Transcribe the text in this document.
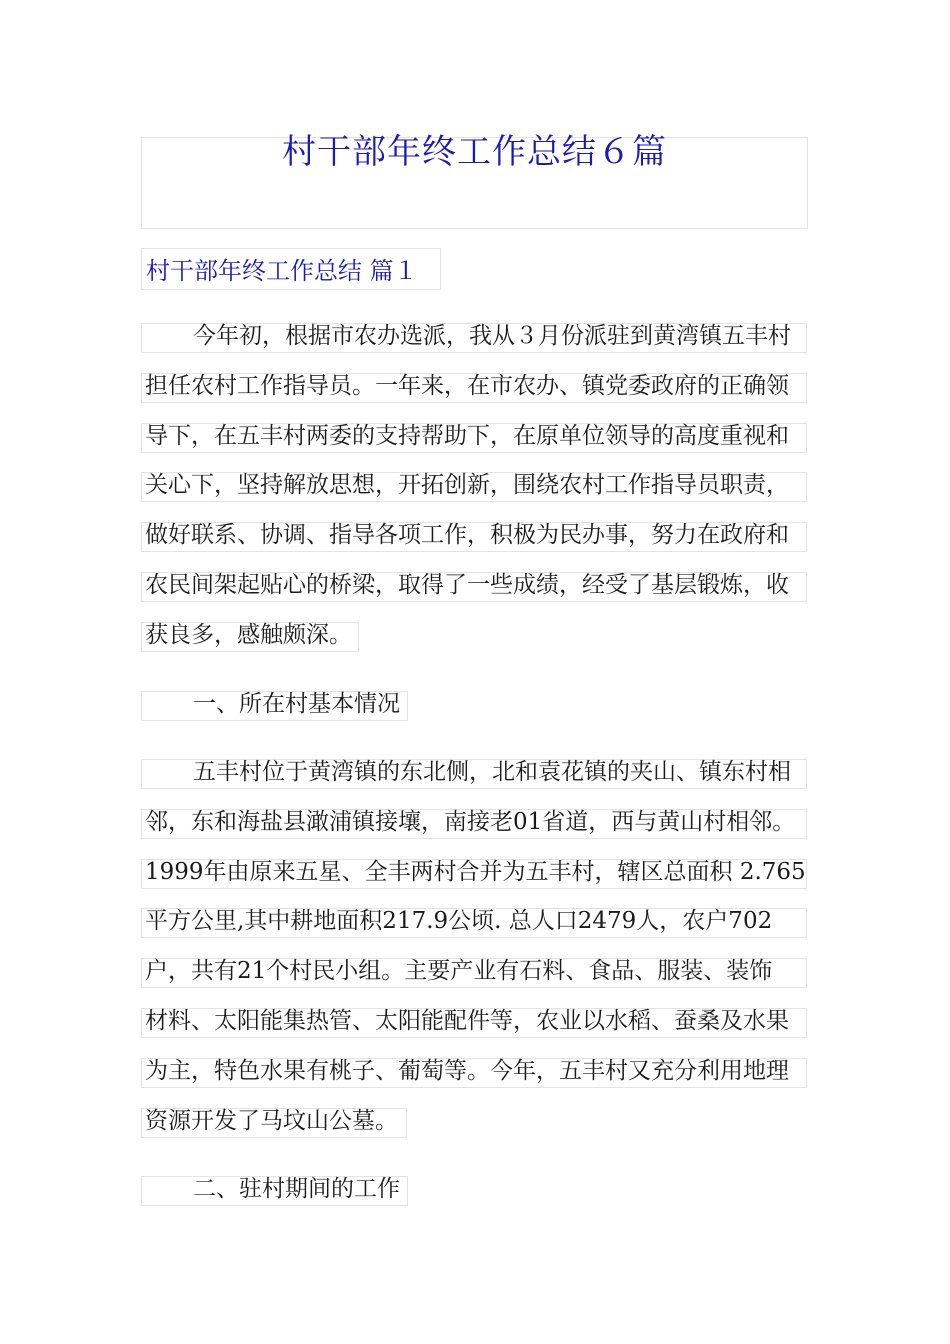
村干部年终工作总结６篇
村干部年终工作总结 篇１
今年初，根据市农办选派，我从３月份派驻到黄湾镇五丰村
担任农村工作指导员。一年来，在市农办、镇党委政府的正确领
导下，在五丰村两委的支持帮助下，在原单位领导的高度重视和
关心下，坚持解放思想，开拓创新，围绕农村工作指导员职责，
做好联系、协调、指导各项工作，积极为民办事，努力在政府和
农民间架起贴心的桥梁，取得了一些成绩，经受了基层锻炼，收
获良多，感触颇深。
一、所在村基本情况
五丰村位于黄湾镇的东北侧，北和袁花镇的夹山、镇东村相
邻，东和海盐县澉浦镇接壤，南接老01省道，西与黄山村相邻。
1999年由原来五星、全丰两村合并为五丰村，辖区总面积 2.765
平方公里,其中耕地面积217.9公顷. 总人口2479人，农户702
户，共有21个村民小组。主要产业有石料、食品、服装、装饰
材料、太阳能集热管、太阳能配件等，农业以水稻、蚕桑及水果
为主，特色水果有桃子、葡萄等。今年，五丰村又充分利用地理
资源开发了马坟山公墓。
二、驻村期间的工作
